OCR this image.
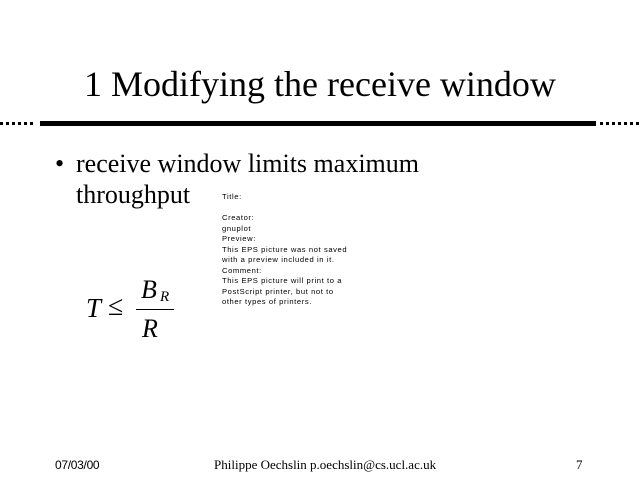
1 Modifying the receive window
• receive window limits maximum throughput
T ≤
B R
R
Title:
Creator:
gnuplot
Preview:
This EPS picture was not saved
with a preview included in it.
Comment:
This EPS picture will print to a
PostScript printer, but not to
other types of printers.
07/03/00	Philippe Oechslin p.oechslin@cs.ucl.ac.uk	7
